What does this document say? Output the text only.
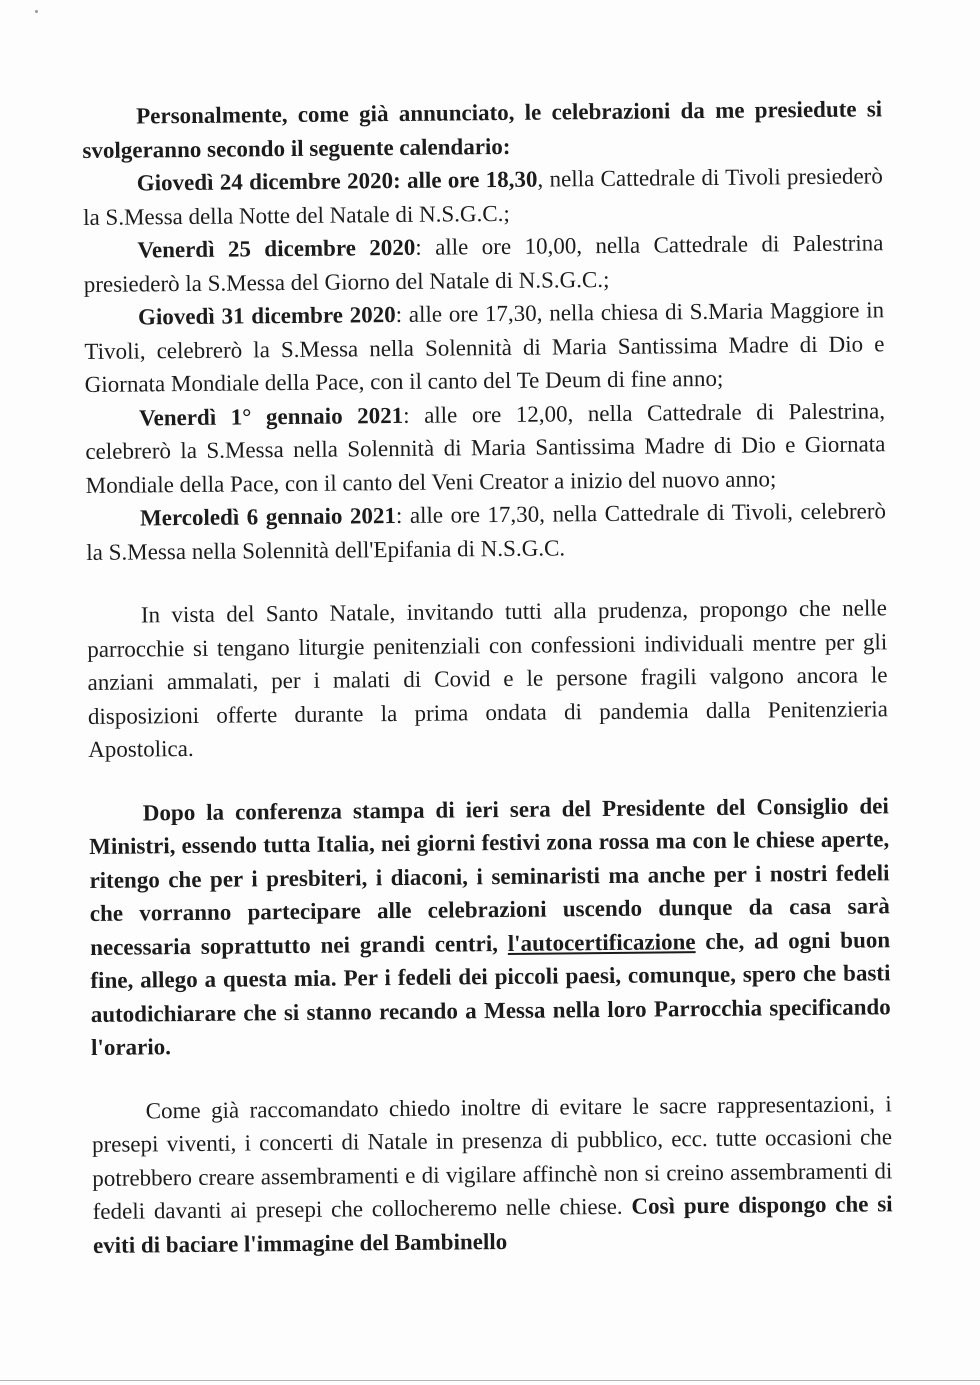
Personalmente, come già annunciato, le celebrazioni da me presiedute si svolgeranno secondo il seguente calendario:

Giovedì 24 dicembre 2020: alle ore 18,30, nella Cattedrale di Tivoli presiederò la S.Messa della Notte del Natale di N.S.G.C.;

Venerdì 25 dicembre 2020: alle ore 10,00, nella Cattedrale di Palestrina presiederò la S.Messa del Giorno del Natale di N.S.G.C.;

Giovedì 31 dicembre 2020: alle ore 17,30, nella chiesa di S.Maria Maggiore in Tivoli, celebrerò la S.Messa nella Solennità di Maria Santissima Madre di Dio e Giornata Mondiale della Pace, con il canto del Te Deum di fine anno;

Venerdì 1° gennaio 2021: alle ore 12,00, nella Cattedrale di Palestrina, celebrerò la S.Messa nella Solennità di Maria Santissima Madre di Dio e Giornata Mondiale della Pace, con il canto del Veni Creator a inizio del nuovo anno;

Mercoledì 6 gennaio 2021: alle ore 17,30, nella Cattedrale di Tivoli, celebrerò la S.Messa nella Solennità dell'Epifania di N.S.G.C.

In vista del Santo Natale, invitando tutti alla prudenza, propongo che nelle parrocchie si tengano liturgie penitenziali con confessioni individuali mentre per gli anziani ammalati, per i malati di Covid e le persone fragili valgono ancora le disposizioni offerte durante la prima ondata di pandemia dalla Penitenzieria Apostolica.

Dopo la conferenza stampa di ieri sera del Presidente del Consiglio dei Ministri, essendo tutta Italia, nei giorni festivi zona rossa ma con le chiese aperte, ritengo che per i presbiteri, i diaconi, i seminaristi ma anche per i nostri fedeli che vorranno partecipare alle celebrazioni uscendo dunque da casa sarà necessaria soprattutto nei grandi centri, l'autocertificazione che, ad ogni buon fine, allego a questa mia. Per i fedeli dei piccoli paesi, comunque, spero che basti autodichiarare che si stanno recando a Messa nella loro Parrocchia specificando l'orario.

Come già raccomandato chiedo inoltre di evitare le sacre rappresentazioni, i presepi viventi, i concerti di Natale in presenza di pubblico, ecc. tutte occasioni che potrebbero creare assembramenti e di vigilare affinchè non si creino assembramenti di fedeli davanti ai presepi che collocheremo nelle chiese. Così pure dispongo che si eviti di baciare l'immagine del Bambinello
